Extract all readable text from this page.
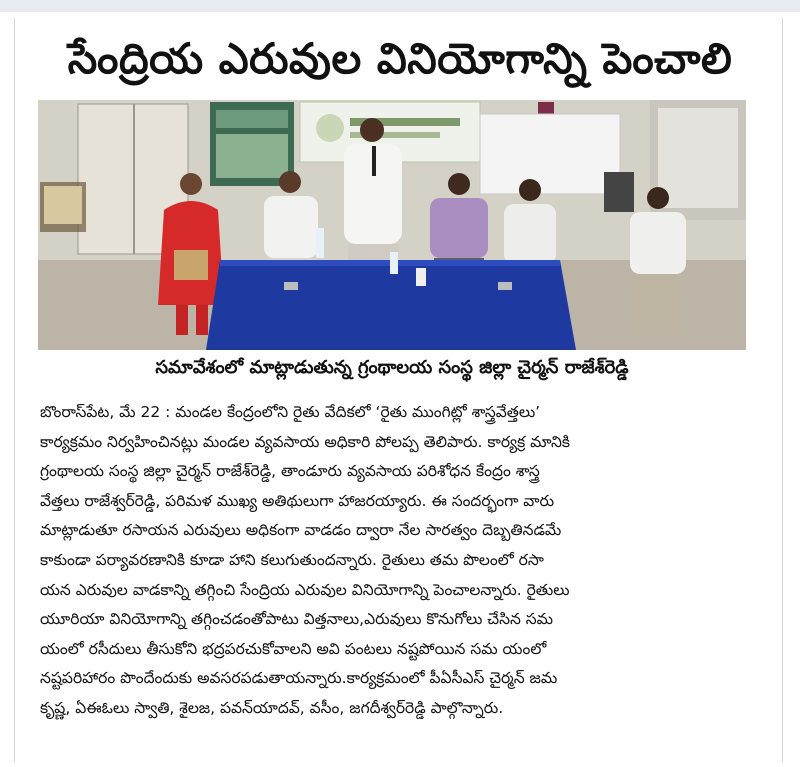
సేంద్రియ ఎరువుల వినియోగాన్ని పెంచాలి
సమావేశంలో మాట్లాడుతున్న గ్రంథాలయ సంస్థ జిల్లా చైర్మన్ రాజేశ్‌రెడ్డి
బొంరాస్‌పేట, మే 22 : మండల కేంద్రంలోని రైతు వేదికలో ‘రైతు ముంగిట్లో శాస్త్రవేత్తలు’
కార్యక్రమం నిర్వహించినట్లు మండల వ్యవసాయ అధికారి పోలప్ప తెలిపారు. కార్యక్ర మానికి
గ్రంథాలయ సంస్థ జిల్లా చైర్మన్ రాజేశ్‌రెడ్డి, తాండూరు వ్యవసాయ పరిశోధన కేంద్రం శాస్త్ర
వేత్తలు రాజేశ్వర్‌రెడ్డి, పరిమళ ముఖ్య అతిథులుగా హాజరయ్యారు. ఈ సందర్భంగా వారు
మాట్లాడుతూ రసాయన ఎరువులు అధికంగా వాడడం ద్వారా నేల సారత్వం దెబ్బతినడమే
కాకుండా పర్యావరణానికి కూడా హాని కలుగుతుందన్నారు. రైతులు తమ పొలంలో రసా
యన ఎరువుల వాడకాన్ని తగ్గించి సేంద్రియ ఎరువుల వినియోగాన్ని పెంచాలన్నారు. రైతులు
యూరియా వినియోగాన్ని తగ్గించడంతోపాటు విత్తనాలు,ఎరువులు కొనుగోలు చేసిన సమ
యంలో రసీదులు తీసుకోని భద్రపరచుకోవాలని అవి పంటలు నష్టపోయిన సమ యంలో
నష్టపరిహారం పొందేందుకు అవసరపడుతాయన్నారు.కార్యక్రమంలో పీఏసీఎస్ చైర్మన్ జమ
కృష్ణ, ఏఈఓలు స్వాతి, శైలజ, పవన్‌యాదవ్, వసీం, జగదీశ్వర్‌రెడ్డి పాల్గొన్నారు.
